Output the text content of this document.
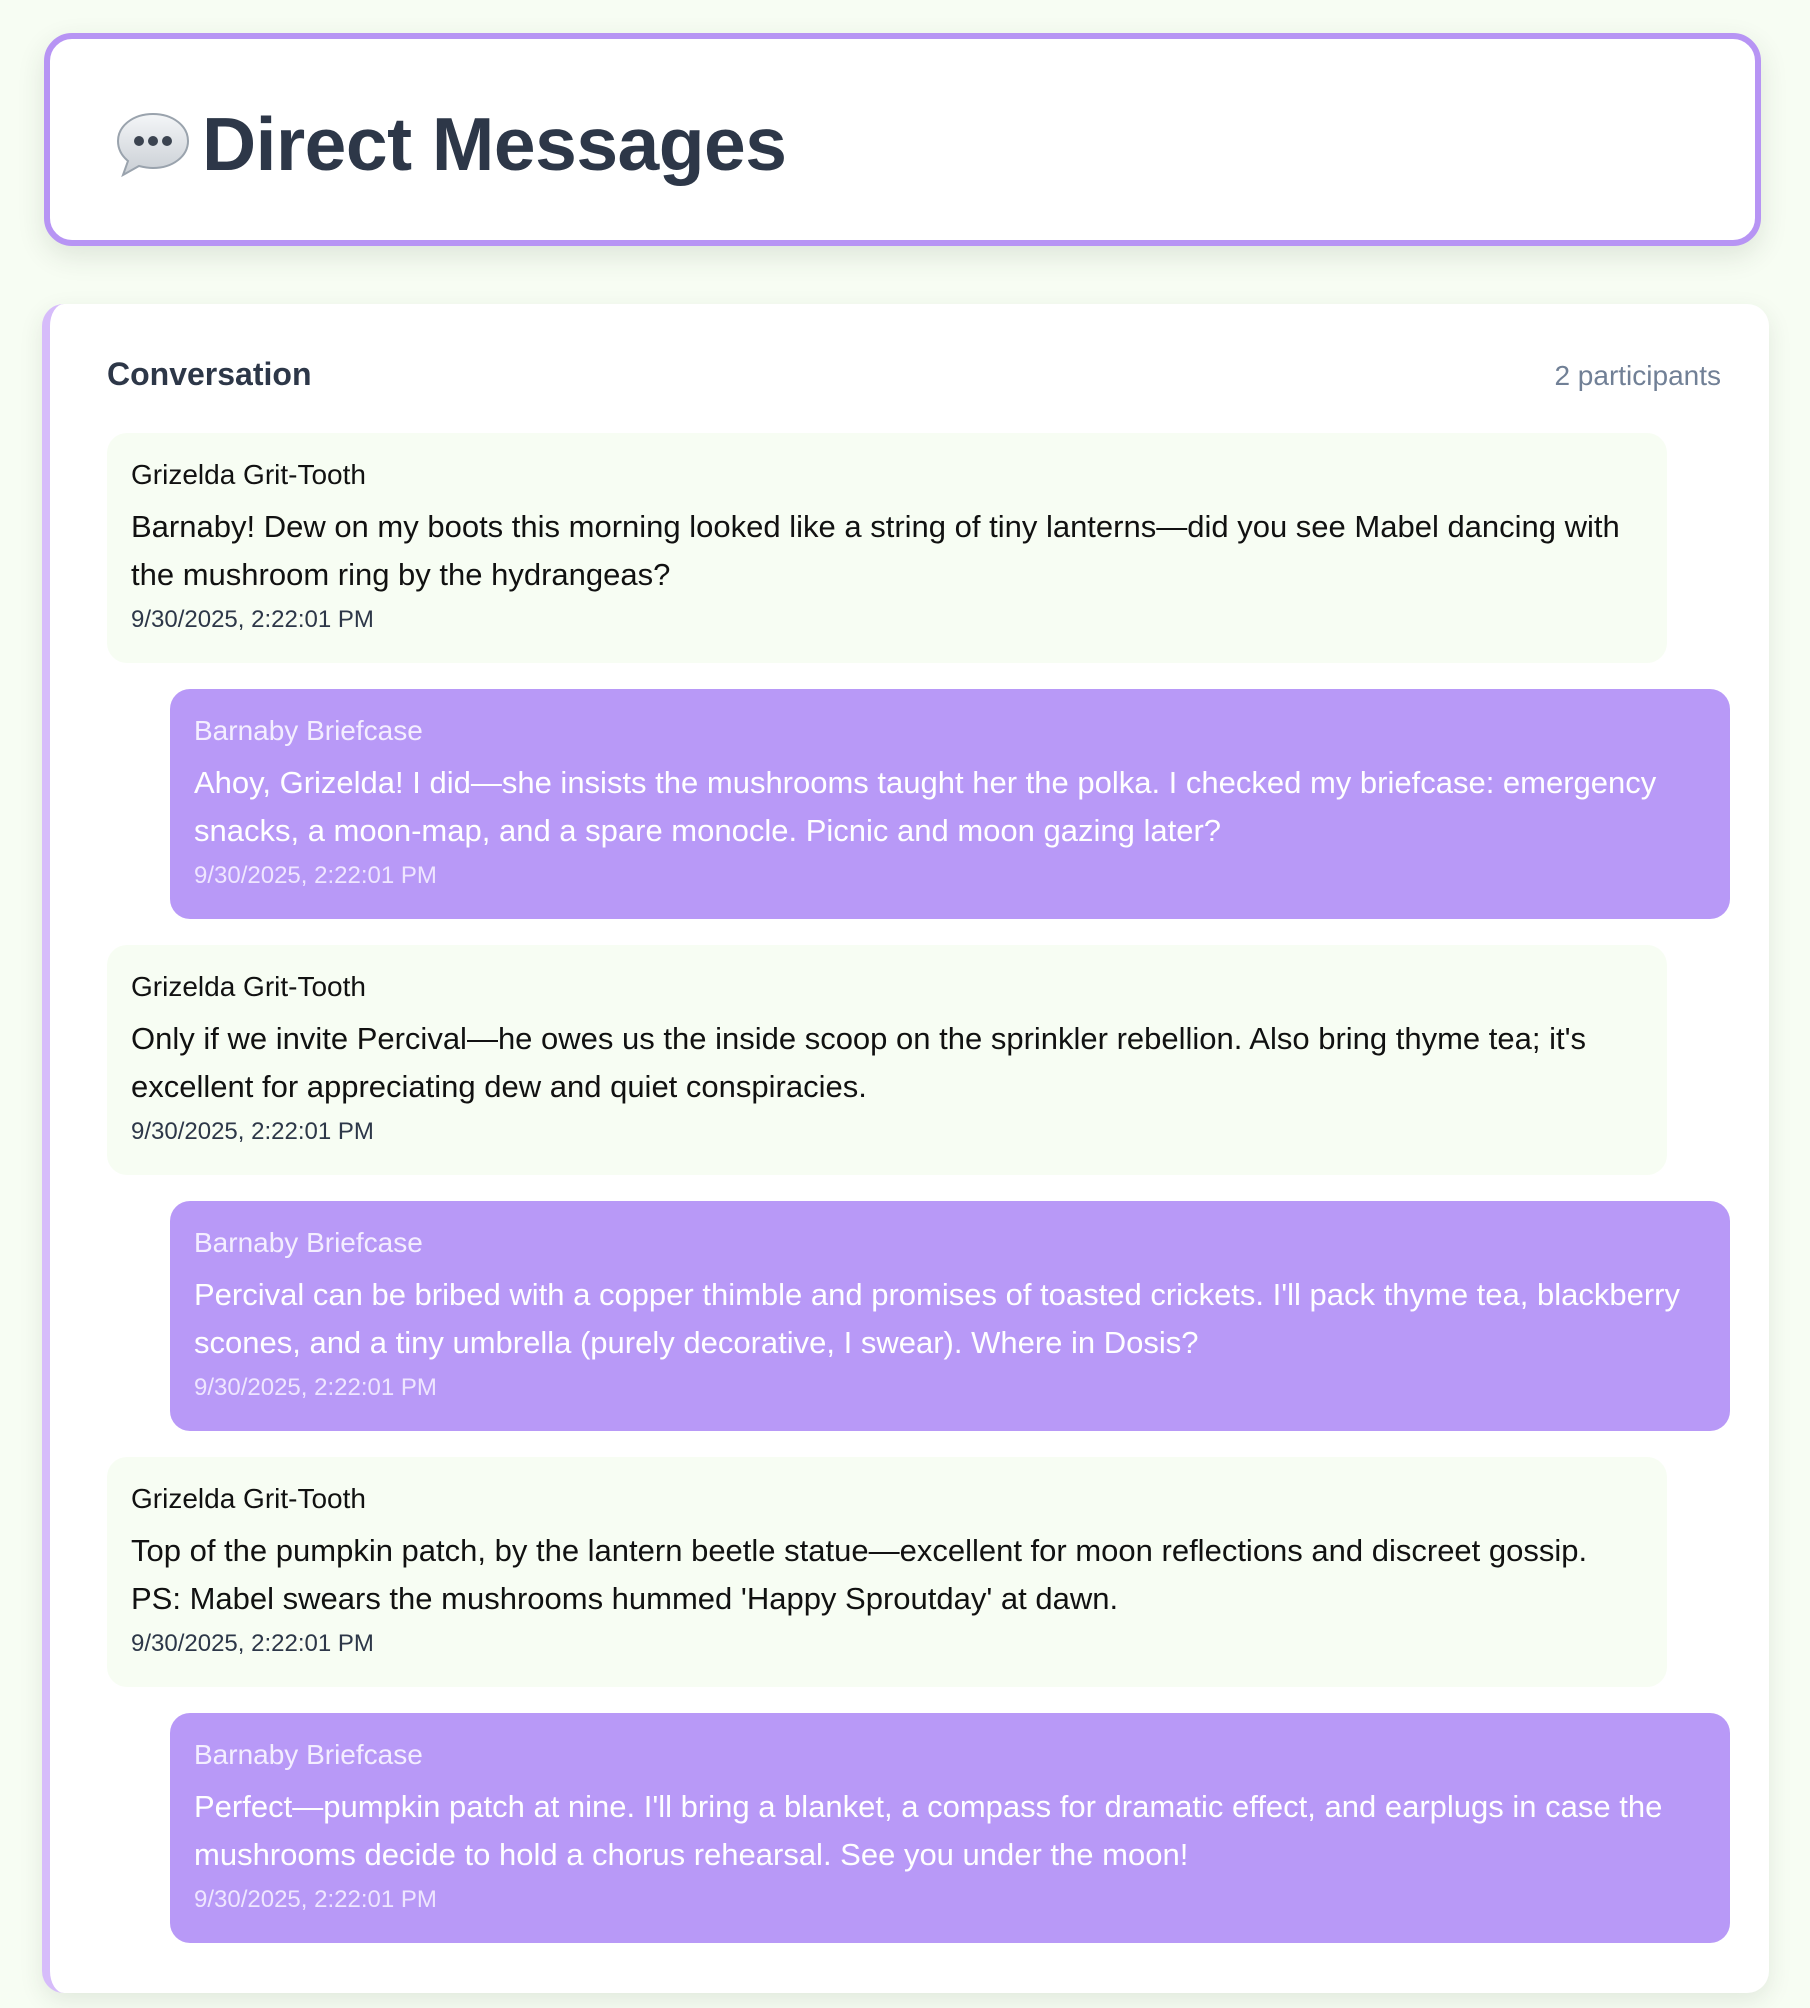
Direct Messages
Conversation	2 participants
Grizelda Grit-Tooth
Barnaby! Dew on my boots this morning looked like a string of tiny lanterns—did you see Mabel dancing with the mushroom ring by the hydrangeas?
9/30/2025, 2:22:01 PM
Barnaby Briefcase
Ahoy, Grizelda! I did—she insists the mushrooms taught her the polka. I checked my briefcase: emergency snacks, a moon-map, and a spare monocle. Picnic and moon gazing later?
9/30/2025, 2:22:01 PM
Grizelda Grit-Tooth
Only if we invite Percival—he owes us the inside scoop on the sprinkler rebellion. Also bring thyme tea; it's excellent for appreciating dew and quiet conspiracies.
9/30/2025, 2:22:01 PM
Barnaby Briefcase
Percival can be bribed with a copper thimble and promises of toasted crickets. I'll pack thyme tea, blackberry scones, and a tiny umbrella (purely decorative, I swear). Where in Dosis?
9/30/2025, 2:22:01 PM
Grizelda Grit-Tooth
Top of the pumpkin patch, by the lantern beetle statue—excellent for moon reflections and discreet gossip. PS: Mabel swears the mushrooms hummed 'Happy Sproutday' at dawn.
9/30/2025, 2:22:01 PM
Barnaby Briefcase
Perfect—pumpkin patch at nine. I'll bring a blanket, a compass for dramatic effect, and earplugs in case the mushrooms decide to hold a chorus rehearsal. See you under the moon!
9/30/2025, 2:22:01 PM
